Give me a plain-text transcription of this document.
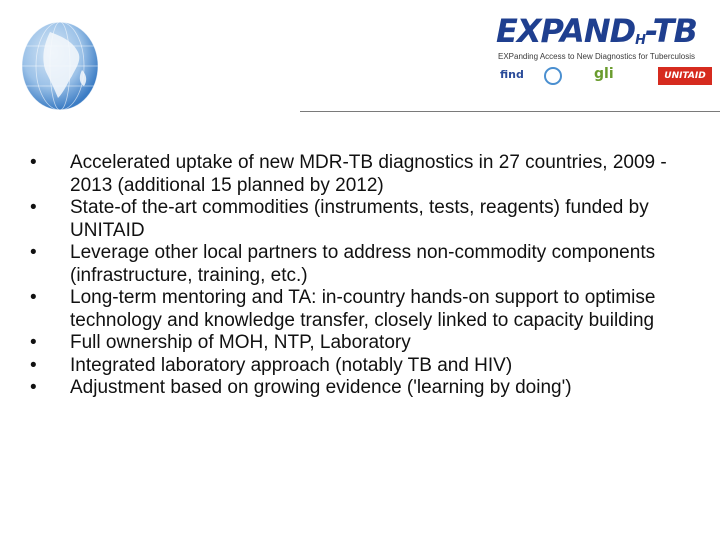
EXPANDH-TB
EXPanding Access to New Diagnostics for Tuberculosis
find	gli	UNITAID
• Accelerated uptake of new MDR-TB diagnostics in 27 countries, 2009 - 2013 (additional 15 planned by 2012)
• State-of the-art commodities (instruments, tests, reagents) funded by UNITAID
• Leverage other local partners to address non-commodity components (infrastructure, training, etc.)
• Long-term mentoring and TA: in-country hands-on support to optimise technology and knowledge transfer, closely linked to capacity building
• Full ownership of MOH, NTP, Laboratory
• Integrated laboratory approach (notably TB and HIV)
• Adjustment based on growing evidence ('learning by doing')
